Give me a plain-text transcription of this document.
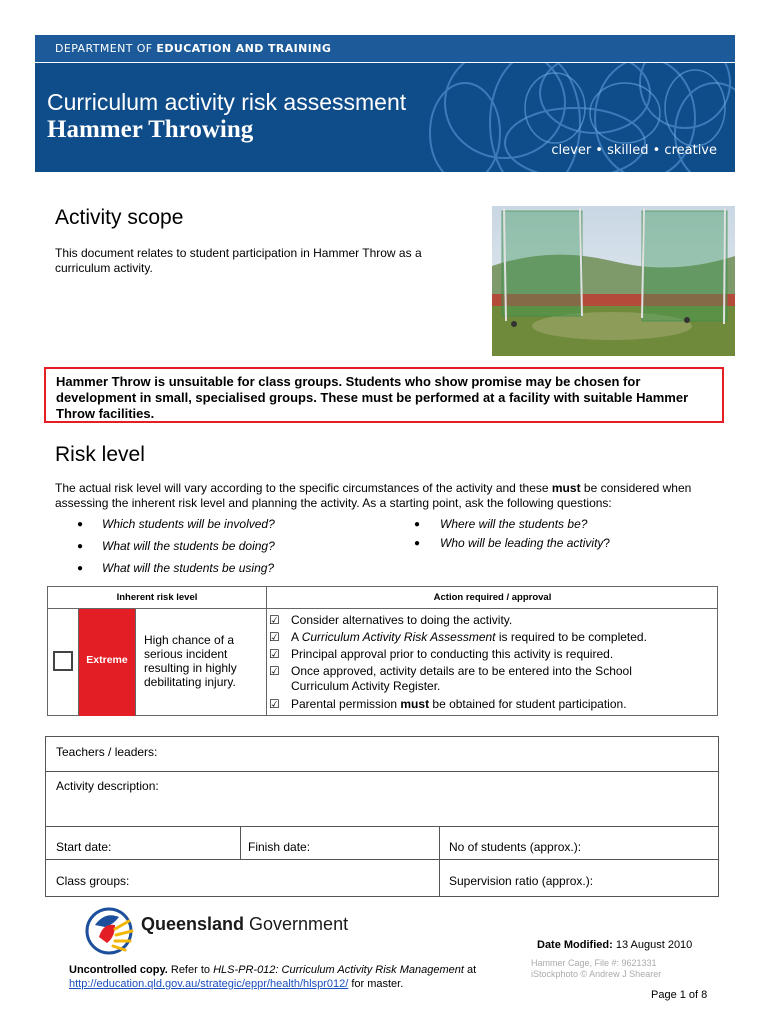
DEPARTMENT OF EDUCATION AND TRAINING
Curriculum activity risk assessment
Hammer Throwing
clever • skilled • creative
Activity scope
This document relates to student participation in Hammer Throw as a curriculum activity.
Hammer Throw is unsuitable for class groups. Students who show promise may be chosen for development in small, specialised groups. These must be performed at a facility with suitable Hammer Throw facilities.
Risk level
The actual risk level will vary according to the specific circumstances of the activity and these must be considered when assessing the inherent risk level and planning the activity. As a starting point, ask the following questions:
● Which students will be involved?
● What will the students be doing?
● What will the students be using?
● Where will the students be?
● Who will be leading the activity?
Inherent risk level	Action required / approval
Extreme
High chance of a serious incident resulting in highly debilitating injury.
☑ Consider alternatives to doing the activity.
☑ A Curriculum Activity Risk Assessment is required to be completed.
☑ Principal approval prior to conducting this activity is required.
☑ Once approved, activity details are to be entered into the School Curriculum Activity Register.
☑ Parental permission must be obtained for student participation.
Teachers / leaders:
Activity description:
Start date:	Finish date:	No of students (approx.):
Class groups:	Supervision ratio (approx.):
Queensland Government
Date Modified: 13 August 2010
Uncontrolled copy. Refer to HLS-PR-012: Curriculum Activity Risk Management at
http://education.qld.gov.au/strategic/eppr/health/hlspr012/ for master.
Hammer Cage, File #: 9621331
iStockphoto © Andrew J Shearer
Page 1 of 8
